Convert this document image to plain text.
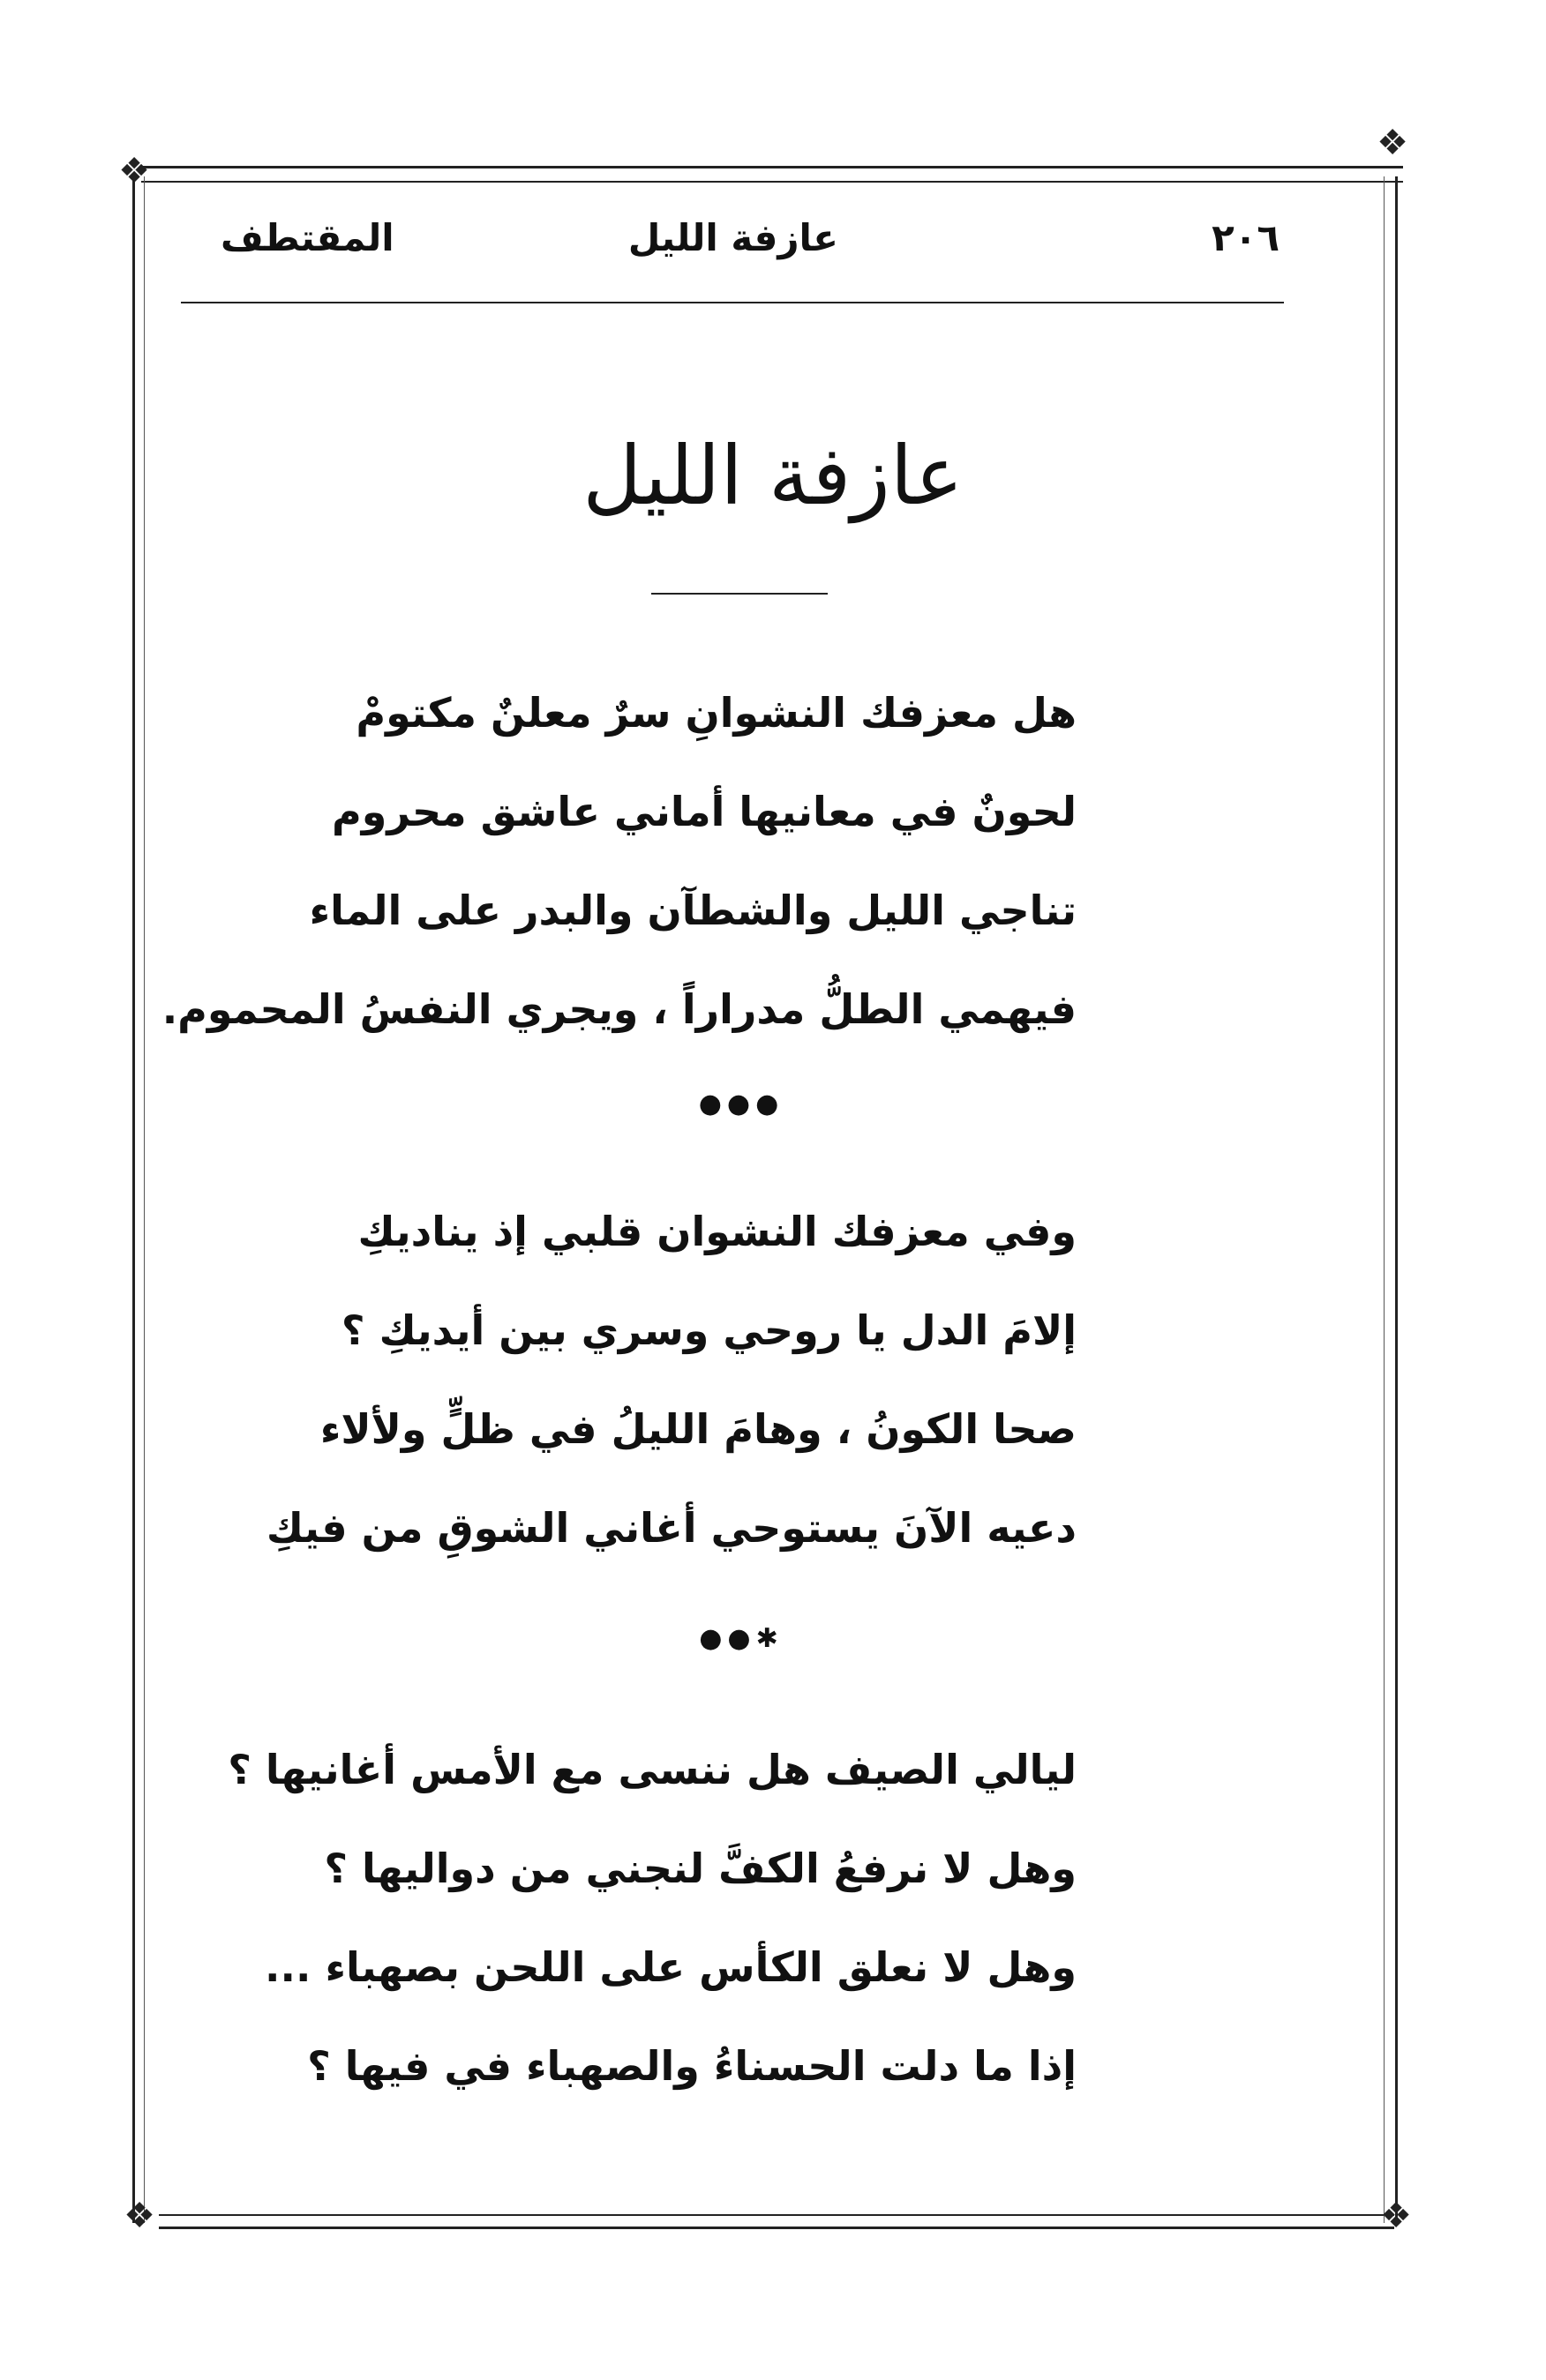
❖
❖
❖	❖
٢٠٦
عازفة الليل
المقتطف
عازفة الليل
هل معزفك النشوانِ سرٌ معلنٌ مكتومْ
لحونٌ في معانيها أماني عاشق محروم
تناجي الليل والشطآن والبدر على الماء
فيهمي الطلُّ مدراراً ، ويجري النفسُ المحموم.
●●●
وفي معزفك النشوان قلبي إذ يناديكِ
إلامَ الدل يا روحي وسري بين أيديكِ ؟
صحا الكونُ ، وهامَ الليلُ في ظلٍّ ولألاء
دعيه الآنَ يستوحي أغاني الشوقِ من فيكِ
●●✱
ليالي الصيف هل ننسى مع الأمس أغانيها ؟
وهل لا نرفعُ الكفَّ لنجني من دواليها ؟
وهل لا نعلق الكأس على اللحن بصهباء ...
إذا ما دلت الحسناءُ والصهباء في فيها ؟
